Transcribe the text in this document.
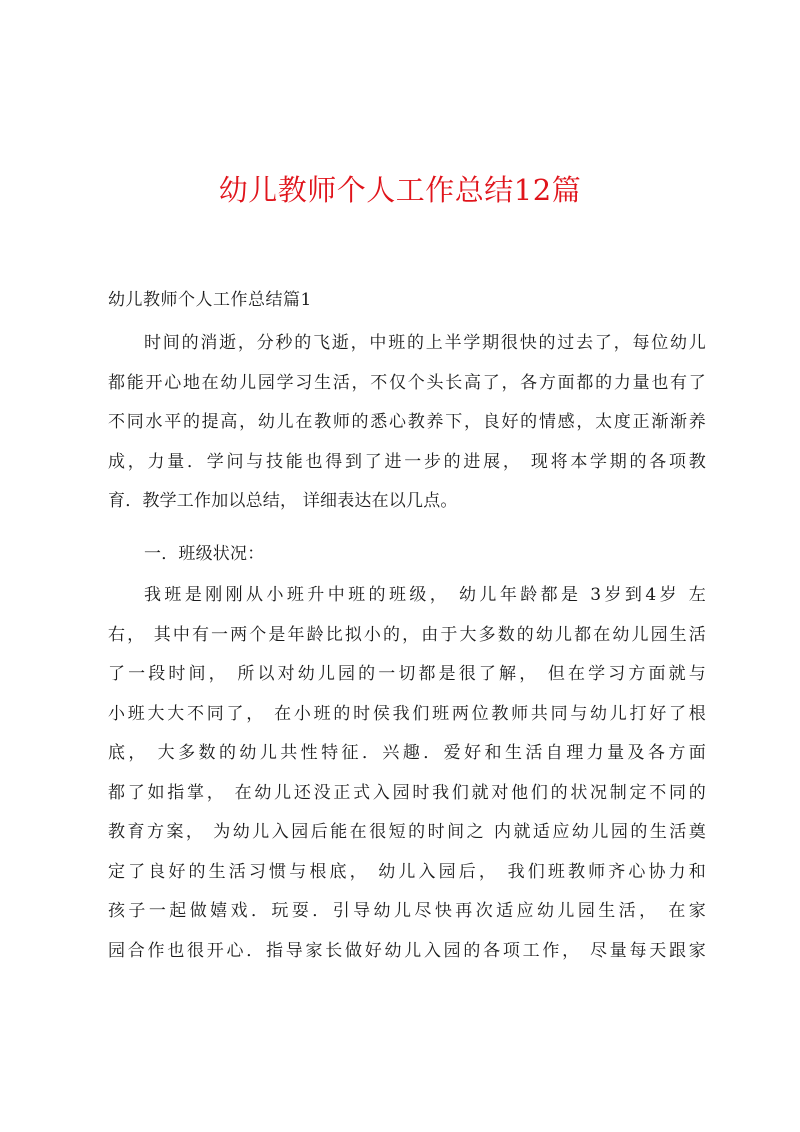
幼儿教师个人工作总结12篇
幼儿教师个人工作总结篇1
时间的消逝，分秒的飞逝，中班的上半学期很快的过去了，每位幼儿
都能开心地在幼儿园学习生活，不仅个头长高了，各方面都的力量也有了
不同水平的提高，幼儿在教师的悉心教养下，良好的情感，太度正渐渐养
成，力量．学问与技能也得到了进一步的进展， 现将本学期的各项教
育．教学工作加以总结， 详细表达在以几点。
一．班级状况：
我班是刚刚从小班升中班的班级， 幼儿年龄都是 3岁到4岁 左
右， 其中有一两个是年龄比拟小的，由于大多数的幼儿都在幼儿园生活
了一段时间， 所以对幼儿园的一切都是很了解， 但在学习方面就与
小班大大不同了， 在小班的时侯我们班两位教师共同与幼儿打好了根
底， 大多数的幼儿共性特征．兴趣．爱好和生活自理力量及各方面
都了如指掌， 在幼儿还没正式入园时我们就对他们的状况制定不同的
教育方案， 为幼儿入园后能在很短的时间之 内就适应幼儿园的生活奠
定了良好的生活习惯与根底， 幼儿入园后， 我们班教师齐心协力和
孩子一起做嬉戏．玩耍．引导幼儿尽快再次适应幼儿园生活， 在家
园合作也很开心．指导家长做好幼儿入园的各项工作， 尽量每天跟家
